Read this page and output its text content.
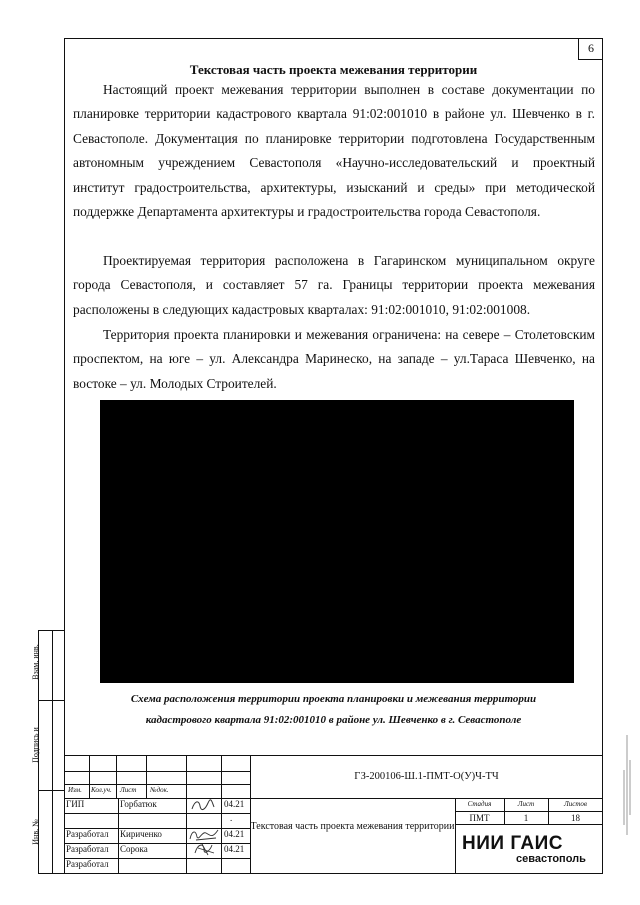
6
Текстовая часть проекта межевания территории

Настоящий проект межевания территории выполнен в составе документации по планировке территории кадастрового квартала 91:02:001010 в районе ул. Шевченко в г. Севастополе. Документация по планировке территории подготовлена Государственным автономным учреждением Севастополя «Научно-исследовательский и проектный институт градостроительства, архитектуры, изысканий и среды» при методической поддержке Департамента архитектуры и градостроительства города Севастополя.

Проектируемая территория расположена в Гагаринском муниципальном округе города Севастополя, и составляет 57 га. Границы территории проекта межевания расположены в следующих кадастровых кварталах: 91:02:001010, 91:02:001008.

Территория проекта планировки и межевания ограничена: на севере – Столетовским проспектом, на юге – ул. Александра Маринеско, на западе – ул.Тараса Шевченко, на востоке – ул. Молодых Строителей.

Схема расположения территории проекта планировки и межевания территории
кадастрового квартала 91:02:001010 в районе ул. Шевченко в г. Севастополе
Взам. инв.
Подпись и
Инв. №
Изм. Кол.уч. Лист №док.
ГИП	Горбатюк	04.21
.
Разработал Кириченко	04.21
Разработал Сорока	04.21
Разработал
ГЗ-200106-Ш.1-ПМТ-О(У)Ч-ТЧ
Текстовая часть проекта межевания территории
Стадия	Лист	Листов
ПМТ	1	18
НИИ ГАИС
севастополь
